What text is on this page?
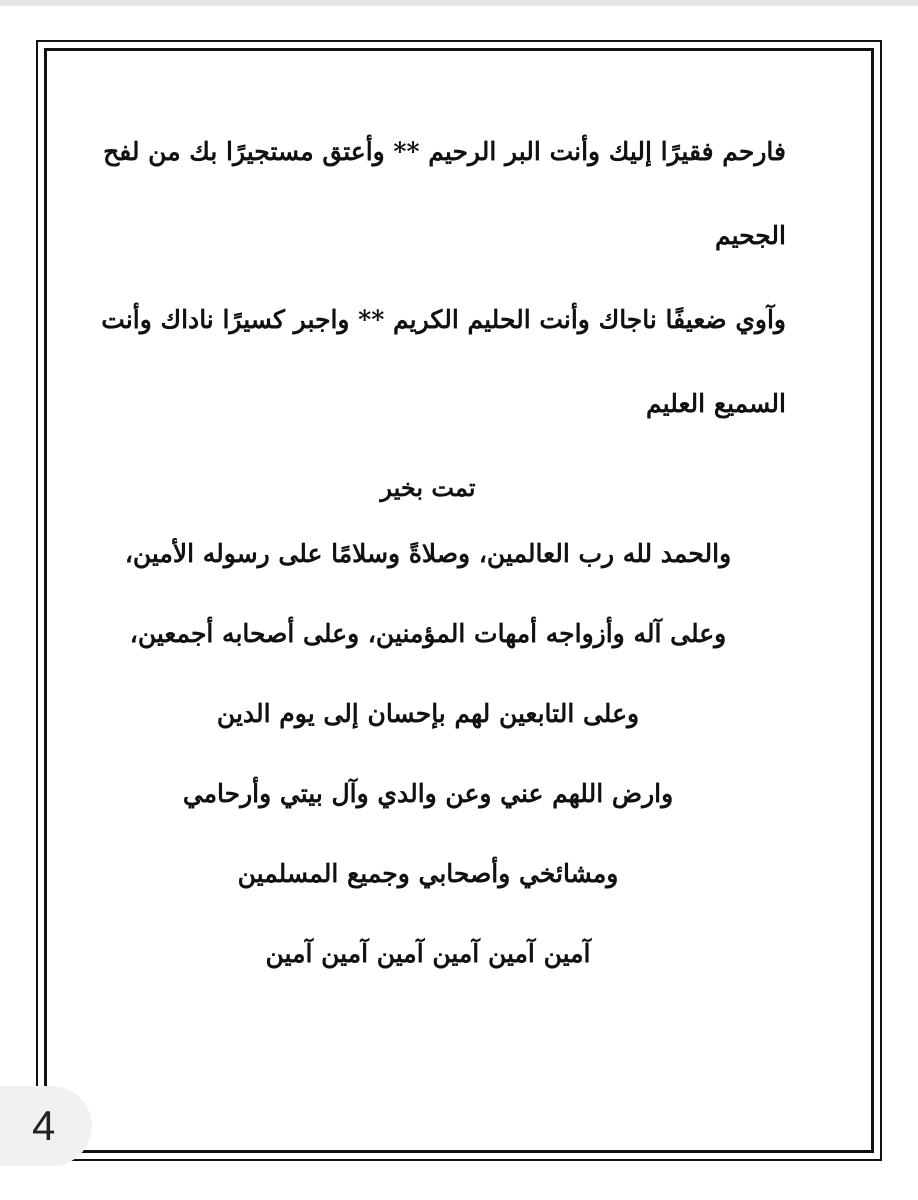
فارحم فقيرًا إليك وأنت البر الرحيم ** وأعتق مستجيرًا بك من لفح الجحيم

وآوي ضعيفًا ناجاك وأنت الحليم الكريم ** واجبر كسيرًا ناداك وأنت السميع العليم

تمت بخير
والحمد لله رب العالمين، وصلاةً وسلامًا على رسوله الأمين،
وعلى آله وأزواجه أمهات المؤمنين، وعلى أصحابه أجمعين،
وعلى التابعين لهم بإحسان إلى يوم الدين
وارض اللهم عني وعن والدي وآل بيتي وأرحامي
ومشائخي وأصحابي وجميع المسلمين
آمين آمين آمين آمين آمين آمين
4
